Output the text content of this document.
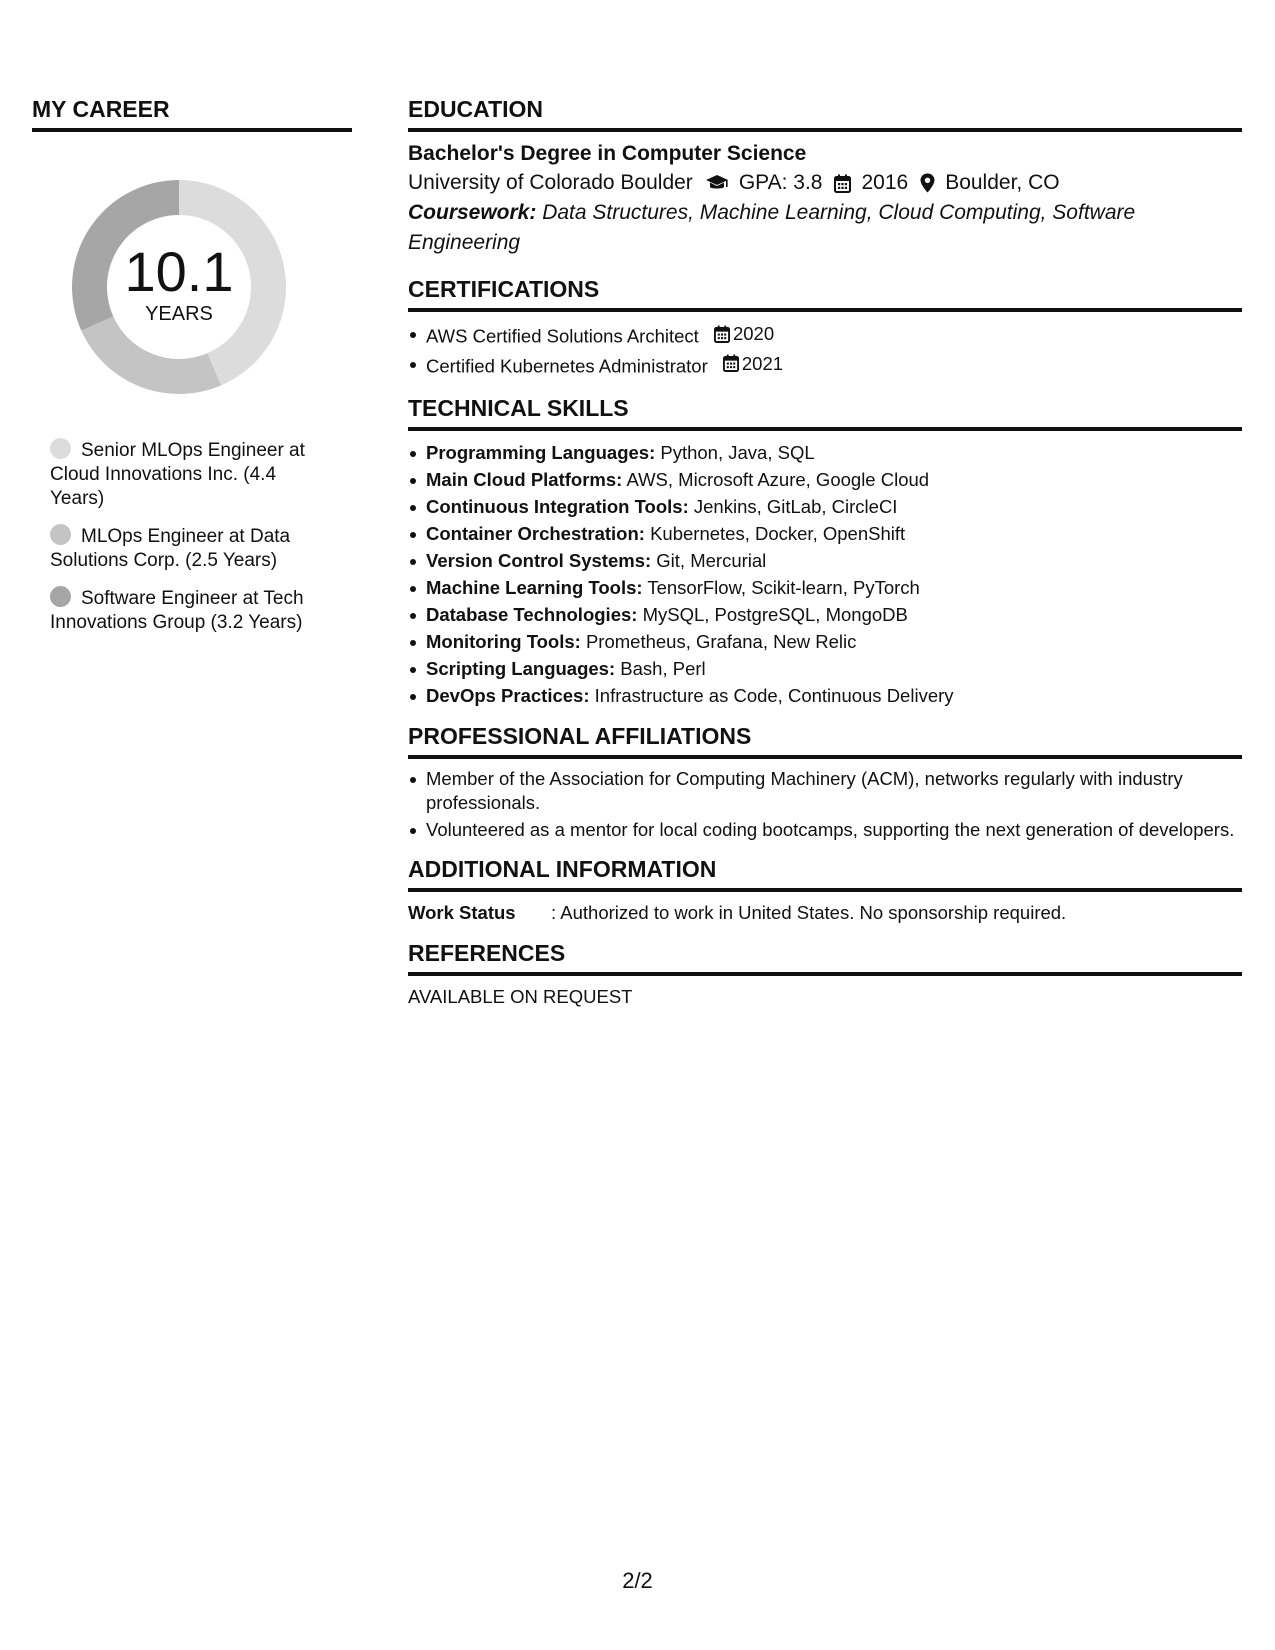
MY CAREER
10.1
YEARS
Senior MLOps Engineer at Cloud Innovations Inc. (4.4 Years)
MLOps Engineer at Data Solutions Corp. (2.5 Years)
Software Engineer at Tech Innovations Group (3.2 Years)
EDUCATION
Bachelor's Degree in Computer Science
University of Colorado Boulder GPA: 3.8 2016 Boulder, CO
Coursework: Data Structures, Machine Learning, Cloud Computing, Software Engineering
CERTIFICATIONS
AWS Certified Solutions Architect 2020
Certified Kubernetes Administrator 2021
TECHNICAL SKILLS
Programming Languages: Python, Java, SQL
Main Cloud Platforms: AWS, Microsoft Azure, Google Cloud
Continuous Integration Tools: Jenkins, GitLab, CircleCI
Container Orchestration: Kubernetes, Docker, OpenShift
Version Control Systems: Git, Mercurial
Machine Learning Tools: TensorFlow, Scikit-learn, PyTorch
Database Technologies: MySQL, PostgreSQL, MongoDB
Monitoring Tools: Prometheus, Grafana, New Relic
Scripting Languages: Bash, Perl
DevOps Practices: Infrastructure as Code, Continuous Delivery
PROFESSIONAL AFFILIATIONS
Member of the Association for Computing Machinery (ACM), networks regularly with industry professionals.
Volunteered as a mentor for local coding bootcamps, supporting the next generation of developers.
ADDITIONAL INFORMATION
Work Status	: Authorized to work in United States. No sponsorship required.
REFERENCES
AVAILABLE ON REQUEST
2/2
